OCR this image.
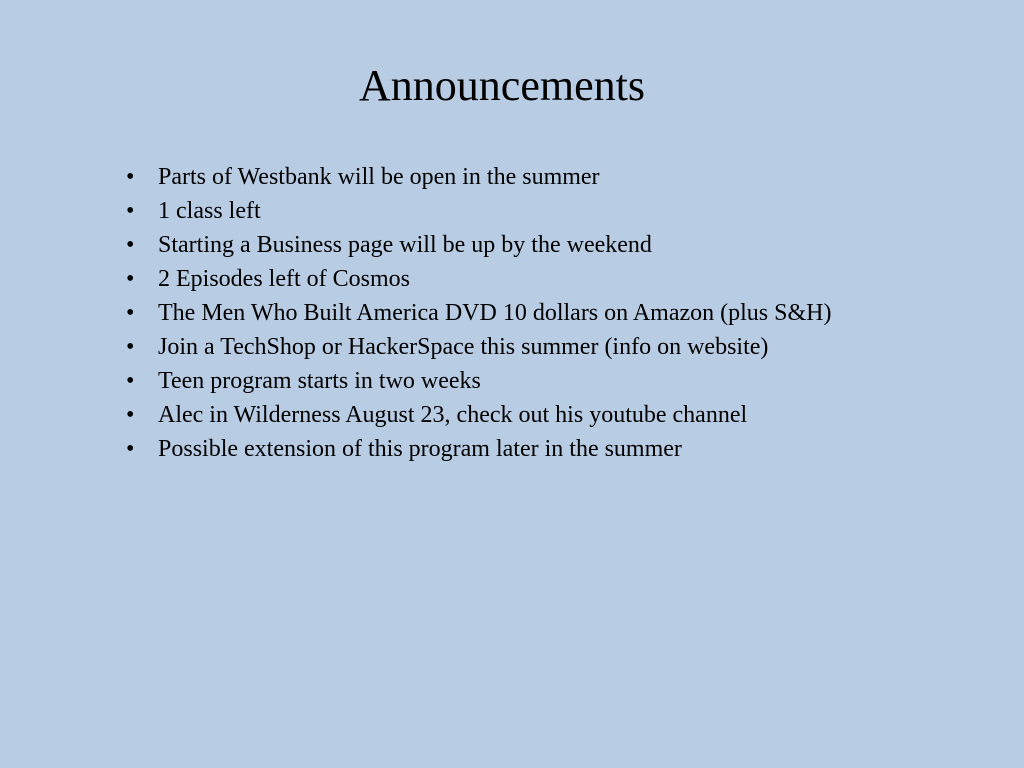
Announcements
• Parts of Westbank will be open in the summer
• 1 class left
• Starting a Business page will be up by the weekend
• 2 Episodes left of Cosmos
• The Men Who Built America DVD 10 dollars on Amazon (plus S&H)
• Join a TechShop or HackerSpace this summer (info on website)
• Teen program starts in two weeks
• Alec in Wilderness August 23, check out his youtube channel
• Possible extension of this program later in the summer
